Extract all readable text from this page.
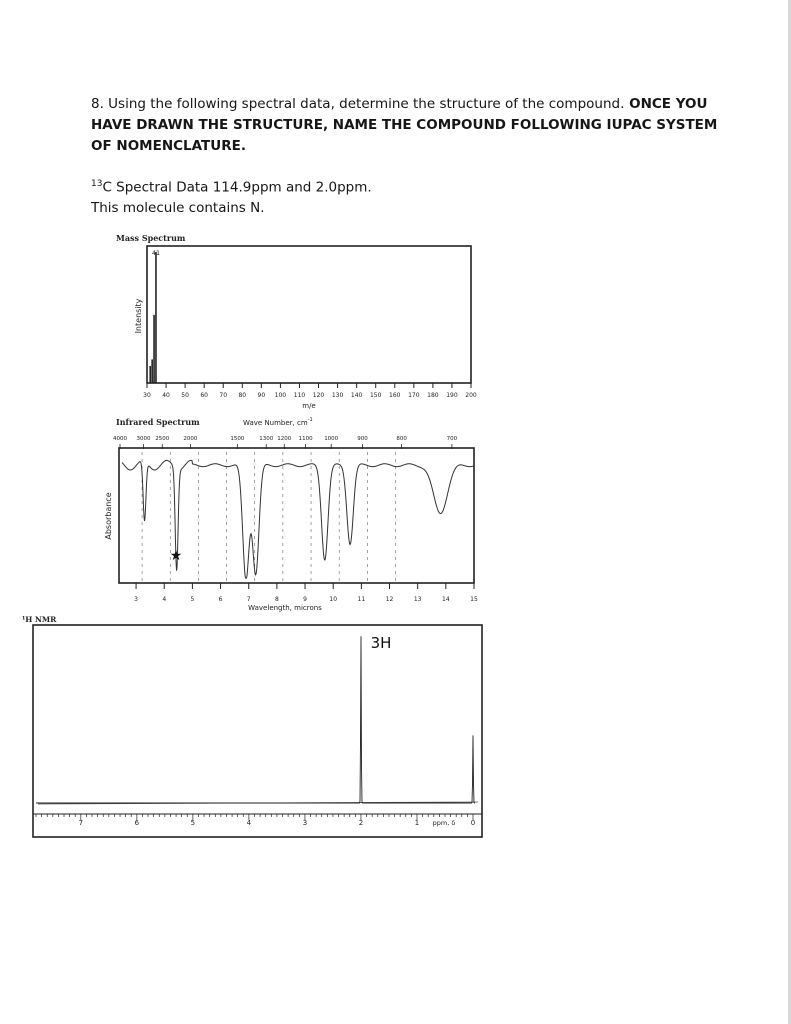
8. Using the following spectral data, determine the structure of the compound. ONCE YOU HAVE DRAWN THE STRUCTURE, NAME THE COMPOUND FOLLOWING IUPAC SYSTEM OF NOMENCLATURE.
$^{13}$C Spectral Data 114.9ppm and 2.0ppm.
This molecule contains N.
Mass Spectrum
Intensity
m/e
30 40 50 60 70 80 90 100 110 120 130 140 150 160 170 180 190 200
41
Infrared Spectrum	Wave Number, $cm^{-1}$
Absorbance
Wavelength, microns
4000 3000 2500	2000	1500	1300 1200 1100 1000	900	800	700
3	4	5	6	7	8	9	10	11	12	13	14	15
★
¹H NMR
7	6	5	4	3	2	1	0
ppm, δ
3H
